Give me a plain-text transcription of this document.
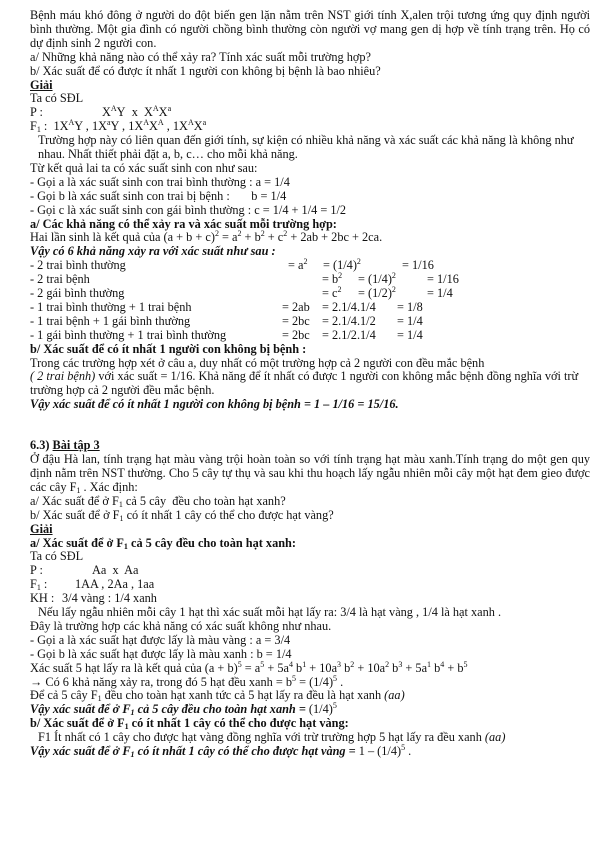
Bệnh máu khó đông ở người do đột biến gen lặn nằm trên NST giới tính X,alen trội tương ứng quy định người bình thường. Một gia đình có người chồng bình thường còn người vợ mang gen dị hợp về tính trạng trên. Họ có dự định sinh 2 người con.
a/ Những khả năng nào có thể xảy ra? Tính xác suất mỗi trường hợp?
b/ Xác suất để có được ít nhất 1 người con không bị bệnh là bao nhiêu?
Giải
Ta có SĐL
P :	$X^AY$  x  $X^AX^a$
$F_1$ :  $1X^AY$ , $1X^aY$ , $1X^AX^A$ , $1X^AX^a$
Trường hợp này có liên quan đến giới tính, sự kiện có nhiều khả năng và xác suất các khả năng là không như nhau. Nhất thiết phải đặt a, b, c… cho mỗi khả năng.
Từ kết quả lai ta có xác suất sinh con như sau:
- Gọi a là xác suất sinh con trai bình thường : a = 1/4
- Gọi b là xác suất sinh con trai bị bệnh :       b = 1/4
- Gọi c là xác suất sinh con gái bình thường : c = 1/4 + 1/4 = 1/2
a/ Các khả năng có thể xảy ra và xác suất mỗi trường hợp:
Hai lần sinh là kết quả của $(a + b + c)^2 = a^2 + b^2 + c^2 + 2ab + 2bc + 2ca$.
Vậy có 6 khả năng xảy ra với xác suất như sau :
- 2 trai bình thường	= $a^2 = (1/4)^2$	= 1/16
- 2 trai bệnh	= $b^2 = (1/4)^2$	= 1/16
- 2 gái bình thường	= $c^2 = (1/2)^2$	= 1/4
- 1 trai bình thường + 1 trai bệnh	= 2ab = 2.1/4.1/4 = 1/8
- 1 trai bệnh + 1 gái bình thường	= 2bc = 2.1/4.1/2 = 1/4
- 1 gái bình thường + 1 trai bình thường	= 2bc = 2.1/2.1/4 = 1/4
b/ Xác suất để có ít nhất 1 người con không bị bệnh :
Trong các trường hợp xét ở câu a, duy nhất có một trường hợp cả 2 người con đều mắc bệnh
( 2 trai bệnh) với xác suất = 1/16. Khả năng để ít nhất có được 1 người con không mắc bệnh đồng nghĩa với trừ trường hợp cả 2 người đều mắc bệnh.
Vậy xác suất để có ít nhất 1 người con không bị bệnh = 1 – 1/16 = 15/16.
6.3) Bài tập 3
Ở đậu Hà lan, tính trạng hạt màu vàng trội hoàn toàn so với tính trạng hạt màu xanh.Tính trạng do một gen quy định nằm trên NST thường. Cho 5 cây tự thụ và sau khi thu hoạch lấy ngẫu nhiên mỗi cây một hạt đem gieo được các cây $F_1$ . Xác định:
a/ Xác suất để ở $F_1$ cả 5 cây  đều cho toàn hạt xanh?
b/ Xác suất để ở $F_1$ có ít nhất 1 cây có thể cho được hạt vàng?
Giải
a/ Xác suất để ở $F_1$ cả 5 cây đều cho toàn hạt xanh:
Ta có SĐL
P :	Aa  x  Aa
$F_1$ : 1AA , 2Aa , 1aa
KH : 3/4 vàng : 1/4 xanh
Nếu lấy ngẫu nhiên mỗi cây 1 hạt thì xác suất mỗi hạt lấy ra: 3/4 là hạt vàng , 1/4 là hạt xanh .
Đây là trường hợp các khả năng có xác suất không như nhau.
- Gọi a là xác suất hạt được lấy là màu vàng : a = 3/4
- Gọi b là xác suất hạt được lấy là màu xanh : b = 1/4
Xác suất 5 hạt lấy ra là kết quả của $(a + b)^5 = a^5 + 5a^4$ $b^1 + 10a^3$ $b^2 + 10a^2$ $b^3 + 5a^1$ $b^4 + b^5$
→ Có 6 khả năng xảy ra, trong đó 5 hạt đều xanh = $b^5 = (1/4)^5$ .
Để cả 5 cây $F_1$ đều cho toàn hạt xanh tức cả 5 hạt lấy ra đều là hạt xanh (aa)
Vậy xác suất để ở $F_1$ cả 5 cây đều cho toàn hạt xanh = $(1/4)^5$
b/ Xác suất để ở $F_1$ có ít nhất 1 cây có thể cho được hạt vàng:
F1 Ít nhất có 1 cây cho được hạt vàng đồng nghĩa với trừ trường hợp 5 hạt lấy ra đều xanh (aa)
Vậy xác suất để ở $F_1$ có ít nhất 1 cây có thể cho được hạt vàng = $1 - (1/4)^5$ .
